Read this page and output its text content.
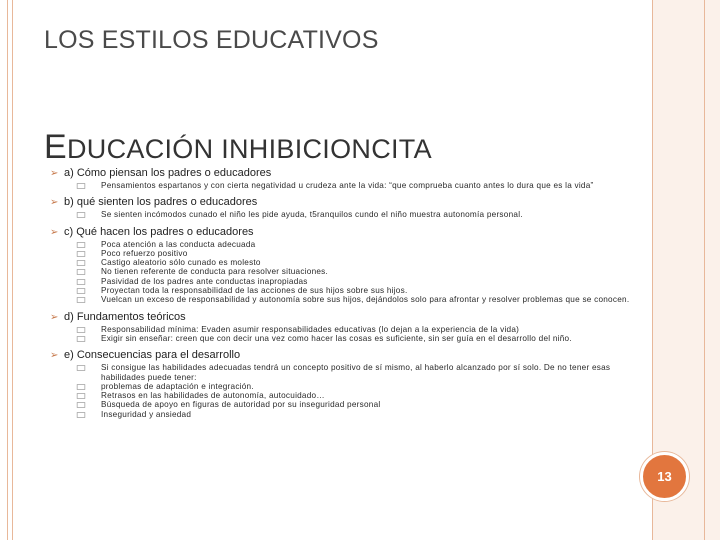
LOS ESTILOS EDUCATIVOS
EDUCACIÓN INHIBICIONCITA
➢ a) Cómo piensan los padres o educadores
Pensamientos espartanos y con cierta negatividad u crudeza ante la vida: “que comprueba cuanto antes lo dura que es la vida”
➢ b) qué sienten los padres o educadores
Se sienten incómodos cunado el niño les pide ayuda, t5ranquilos cundo el niño muestra autonomía personal.
➢ c) Qué hacen los padres o educadores
Poca atención a las conducta adecuada
Poco refuerzo positivo
Castigo aleatorio sólo cunado es molesto
No tienen referente de conducta para resolver situaciones.
Pasividad de los padres ante conductas inapropiadas
Proyectan toda la responsabilidad de las acciones de sus hijos sobre sus hijos.
Vuelcan un exceso de responsabilidad y autonomía sobre sus hijos, dejándolos solo para afrontar y resolver problemas que se conocen.
➢ d) Fundamentos teóricos
Responsabilidad mínima: Evaden asumir responsabilidades educativas (lo dejan a la experiencia de la vida)
Exigir sin enseñar: creen que con decir una vez como hacer las cosas es suficiente, sin ser guía en el desarrollo del niño.
➢ e) Consecuencias para el desarrollo
Si consigue las habilidades adecuadas tendrá un concepto positivo de sí mismo, al haberlo alcanzado por sí solo. De no tener esas habilidades puede tener:
problemas de adaptación e integración.
Retrasos en las habilidades de autonomía, autocuidado…
Búsqueda de apoyo en figuras de autoridad por su inseguridad personal
Inseguridad y ansiedad
13
